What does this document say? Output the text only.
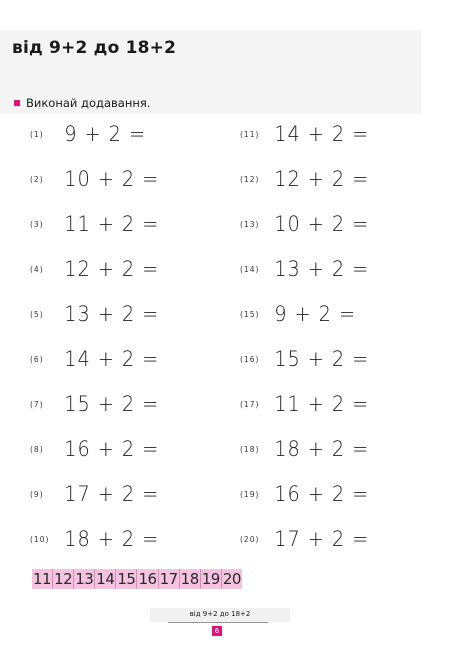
від 9+2 до 18+2
Виконай додавання.
(1) 9 + 2 =
(2) 10 + 2 =
(3) 11 + 2 =
(4) 12 + 2 =
(5) 13 + 2 =
(6) 14 + 2 =
(7) 15 + 2 =
(8) 16 + 2 =
(9) 17 + 2 =
(10) 18 + 2 =
(11) 14 + 2 =
(12) 12 + 2 =
(13) 10 + 2 =
(14) 13 + 2 =
(15) 9 + 2 =
(16) 15 + 2 =
(17) 11 + 2 =
(18) 18 + 2 =
(19) 16 + 2 =
(20) 17 + 2 =
11 12 13 14 15 16 17 18 19 20
від 9+2 до 18+2
6
